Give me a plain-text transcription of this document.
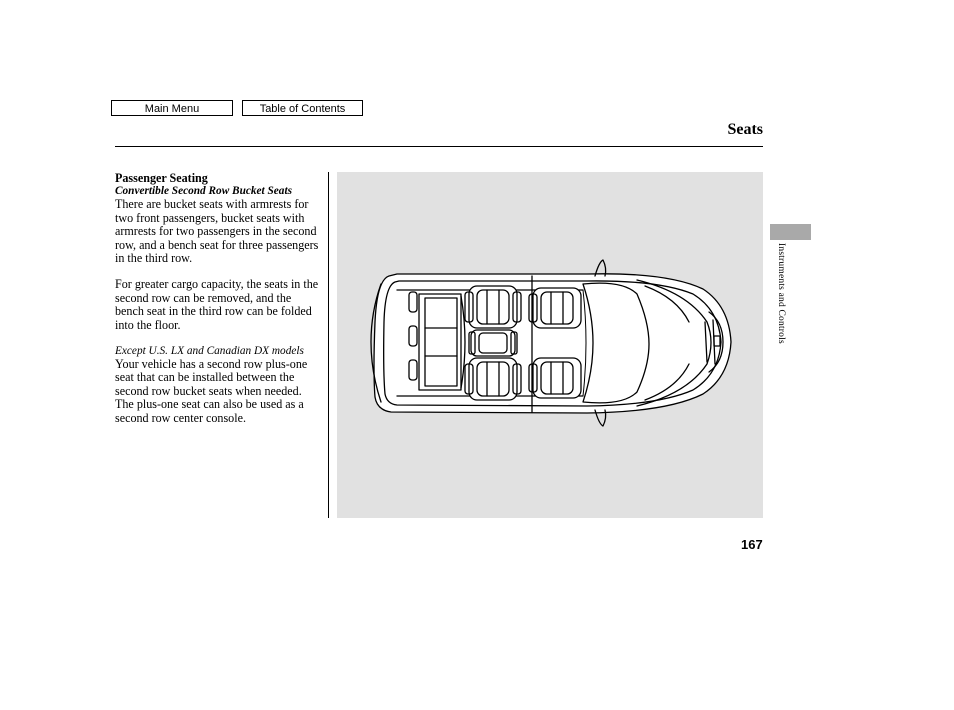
Main Menu	Table of Contents
Seats
Passenger Seating
Convertible Second Row Bucket Seats

There are bucket seats with armrests for two front passengers, bucket seats with armrests for two passengers in the second row, and a bench seat for three passengers in the third row.

For greater cargo capacity, the seats in the second row can be removed, and the bench seat in the third row can be folded into the floor.

Except U.S. LX and Canadian DX models

Your vehicle has a second row plus-one seat that can be installed between the second row bucket seats when needed. The plus-one seat can also be used as a second row center console.

Instruments and Controls
167
